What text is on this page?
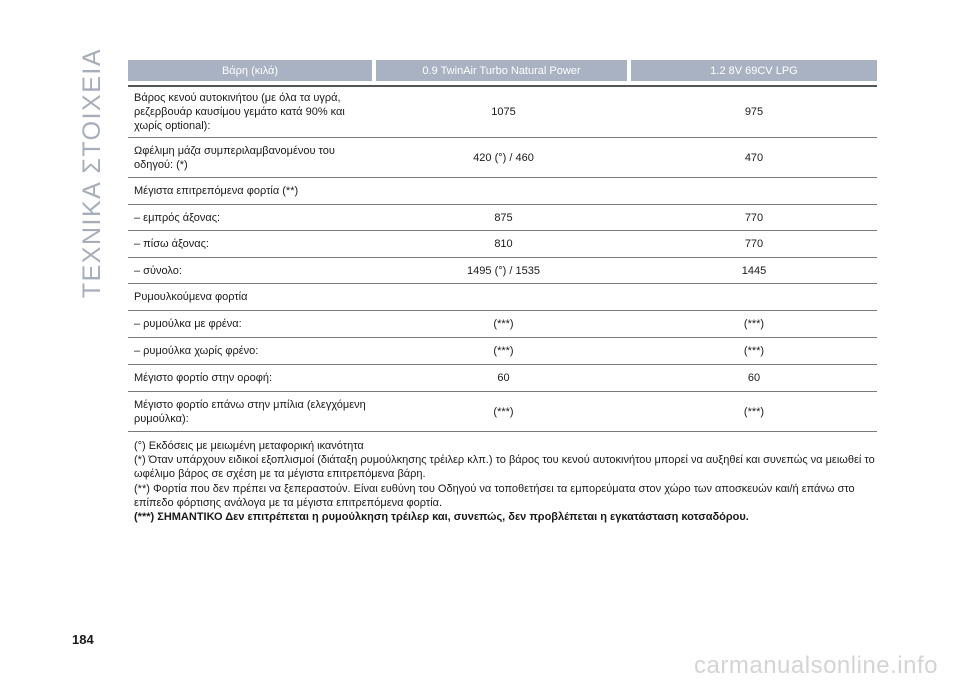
ΤΕΧΝΙΚΑ ΣΤΟΙΧΕΙΑ	Βάρη (κιλά)	0.9 TwinAir Turbo Natural Power	1.2 8V 69CV LPG

Βάρος κενού αυτοκινήτου (με όλα τα υγρά, ρεζερβουάρ καυσίμου γεμάτο κατά 90% και χωρίς optional):	1075	975
Ωφέλιμη μάζα συμπεριλαμβανομένου του οδηγού: (*)	420 (°) / 460	470
Μέγιστα επιτρεπόμενα φορτία (**)		
– εμπρός άξονας:	875	770
– πίσω άξονας:	810	770
– σύνολο:	1495 (°) / 1535	1445
Ρυμουλκούμενα φορτία		
– ρυμούλκα με φρένα:	(***)	(***)
– ρυμούλκα χωρίς φρένο:	(***)	(***)
Μέγιστο φορτίο στην οροφή:	60	60
Μέγιστο φορτίο επάνω στην μπίλια (ελεγχόμενη ρυμούλκα):	(***)	(***)

(°) Εκδόσεις με μειωμένη μεταφορική ικανότητα

(*) Όταν υπάρχουν ειδικοί εξοπλισμοί (διάταξη ρυμούλκησης τρέιλερ κλπ.) το βάρος του κενού αυτοκινήτου μπορεί να αυξηθεί και συνεπώς να μειωθεί το ωφέλιμο βάρος σε σχέση με τα μέγιστα επιτρεπόμενα βάρη.

(**) Φορτία που δεν πρέπει να ξεπεραστούν. Είναι ευθύνη του Οδηγού να τοποθετήσει τα εμπορεύματα στον χώρο των αποσκευών και/ή επάνω στο επίπεδο φόρτισης ανάλογα με τα μέγιστα επιτρεπόμενα φορτία.

(***) ΣΗΜΑΝΤΙΚΟ Δεν επιτρέπεται η ρυμούλκηση τρέιλερ και, συνεπώς, δεν προβλέπεται η εγκατάσταση κοτσαδόρου.

184
carmanualsonline.info
